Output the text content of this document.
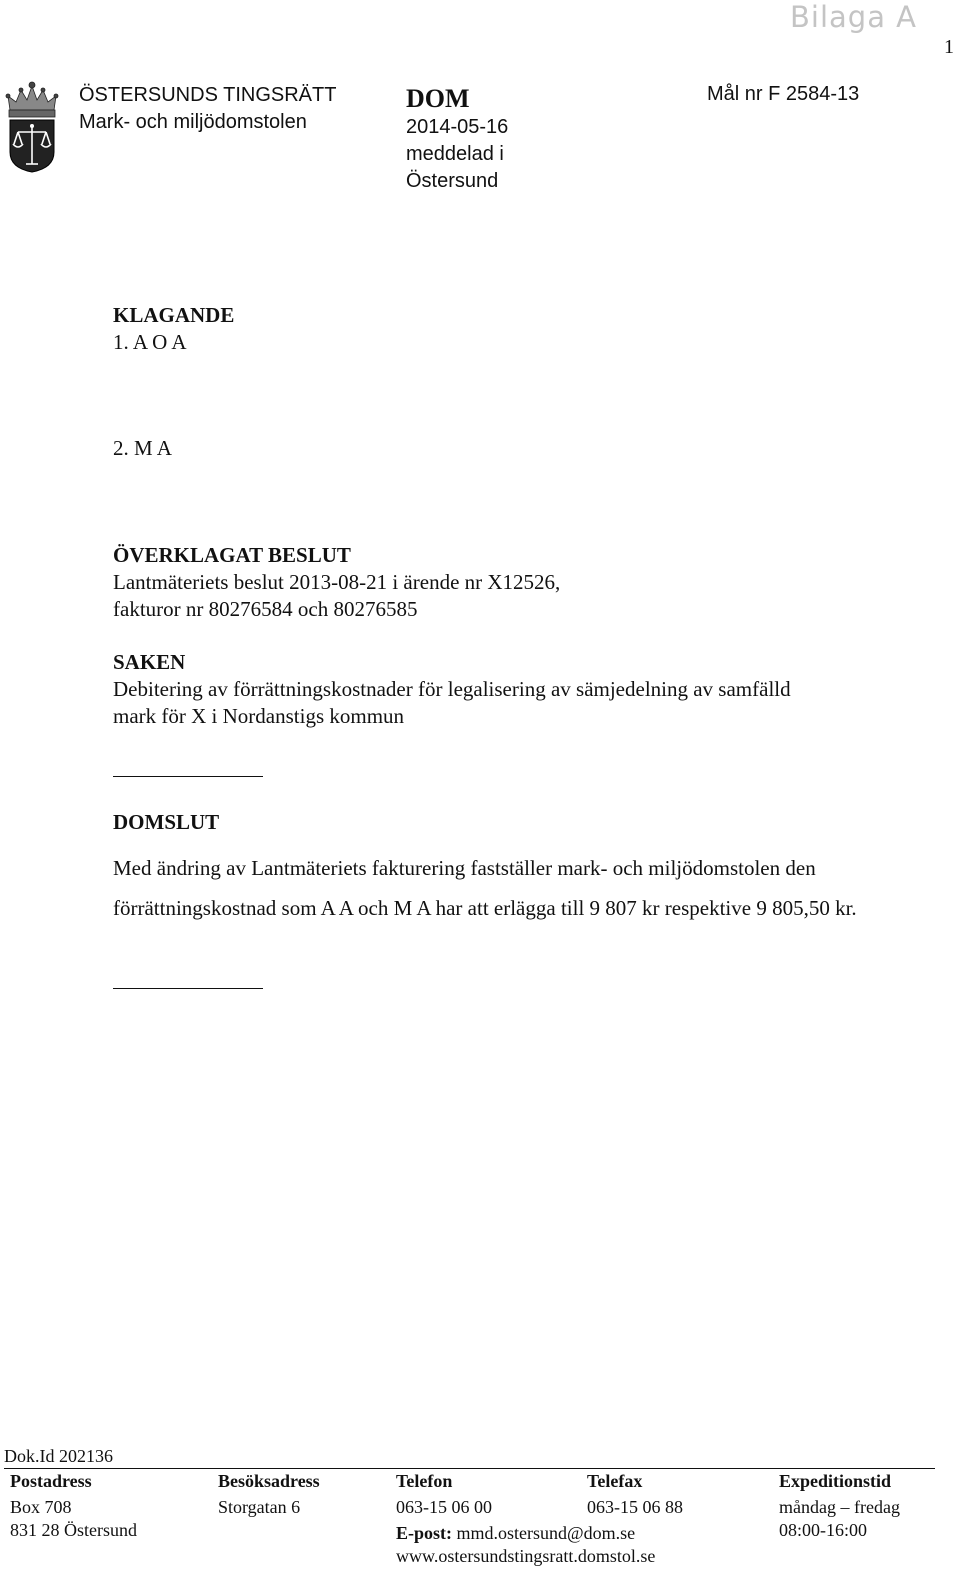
Bilaga A
1
ÖSTERSUNDS TINGSRÄTT
Mark- och miljödomstolen
DOM
2014-05-16
meddelad i
Östersund
Mål nr F 2584-13
KLAGANDE
1. A O A
2. M A
ÖVERKLAGAT BESLUT
Lantmäteriets beslut 2013-08-21 i ärende nr X12526,
fakturor nr 80276584 och 80276585
SAKEN
Debitering av förrättningskostnader för legalisering av sämjedelning av samfälld
mark för X i Nordanstigs kommun
DOMSLUT
Med ändring av Lantmäteriets fakturering fastställer mark- och miljödomstolen den förrättningskostnad som A A och M A har att erlägga till 9 807 kr respektive 9 805,50 kr.
Dok.Id 202136
Postadress
Box 708
831 28 Östersund
Besöksadress
Storgatan 6
Telefon
063-15 06 00
E-post: mmd.ostersund@dom.se
www.ostersundstingsratt.domstol.se
Telefax
063-15 06 88
Expeditionstid
måndag – fredag
08:00-16:00
